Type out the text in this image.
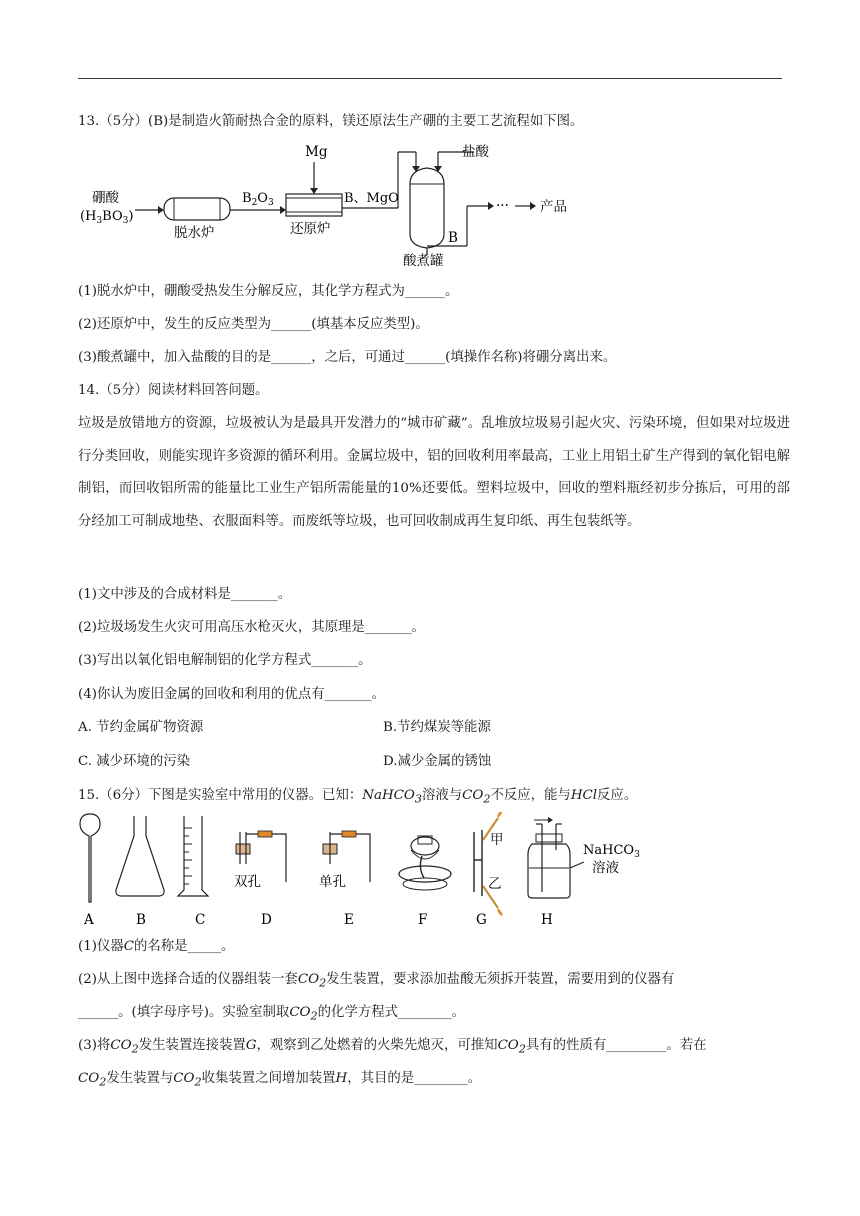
13.（5分）(B)是制造火箭耐热合金的原料，镁还原法生产硼的主要工艺流程如下图。
硼酸
$(H_3BO_3)$
脱水炉
$B_2O_3$
Mg
还原炉
B、MgO
盐酸
酸煮罐
B
··· 产品
(1)脱水炉中，硼酸受热发生分解反应，其化学方程式为______。
(2)还原炉中，发生的反应类型为______(填基本反应类型)。
(3)酸煮罐中，加入盐酸的目的是______，之后，可通过______(填操作名称)将硼分离出来。
14.（5分）阅读材料回答问题。
垃圾是放错地方的资源，垃圾被认为是最具开发潜力的“城市矿藏”。乱堆放垃圾易引起火灾、污染环境，但如果对垃圾进行分类回收，则能实现许多资源的循环利用。金属垃圾中，铝的回收利用率最高，工业上用铝土矿生产得到的氧化铝电解制铝，而回收铝所需的能量比工业生产铝所需能量的10%还要低。塑料垃圾中，回收的塑料瓶经初步分拣后，可用的部分经加工可制成地垫、衣服面料等。而废纸等垃圾，也可回收制成再生复印纸、再生包装纸等。
(1)文中涉及的合成材料是_______。
(2)垃圾场发生火灾可用高压水枪灭火，其原理是_______。
(3)写出以氧化铝电解制铝的化学方程式_______。
(4)你认为废旧金属的回收和利用的优点有_______。
A. 节约金属矿物资源	B.节约煤炭等能源
C. 减少环境的污染	D.减少金属的锈蚀
15.（6分）下图是实验室中常用的仪器。已知：NaHCO$_3$溶液与$CO_2$不反应，能与HCl反应。
A	B	C
双孔
D
单孔
E	F
甲
乙
G
NaHCO$_3$
溶液
H
(1)仪器C的名称是_____。
(2)从上图中选择合适的仪器组装一套$CO_2$发生装置，要求添加盐酸无须拆开装置，需要用到的仪器有
______。(填字母序号)。实验室制取$CO_2$的化学方程式________。
(3)将$CO_2$发生装置连接装置G，观察到乙处燃着的火柴先熄灭，可推知$CO_2$具有的性质有_________。若在
$CO_2$发生装置与$CO_2$收集装置之间增加装置H，其目的是________。
